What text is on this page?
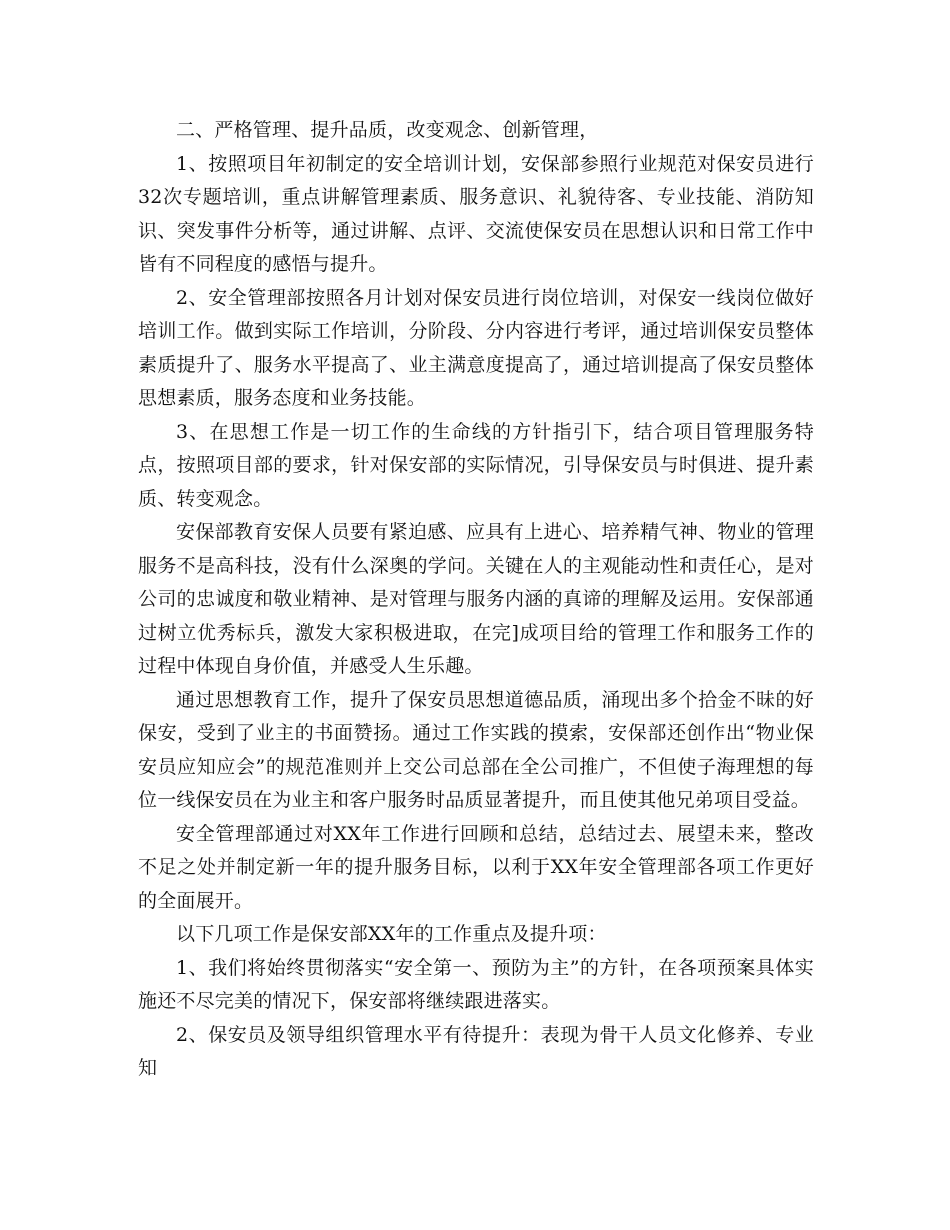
二、严格管理、提升品质，改变观念、创新管理，

1、按照项目年初制定的安全培训计划，安保部参照行业规范对保安员进行32次专题培训，重点讲解管理素质、服务意识、礼貌待客、专业技能、消防知识、突发事件分析等，通过讲解、点评、交流使保安员在思想认识和日常工作中皆有不同程度的感悟与提升。

2、安全管理部按照各月计划对保安员进行岗位培训，对保安一线岗位做好培训工作。做到实际工作培训，分阶段、分内容进行考评，通过培训保安员整体素质提升了、服务水平提高了、业主满意度提高了，通过培训提高了保安员整体思想素质，服务态度和业务技能。

3、在思想工作是一切工作的生命线的方针指引下，结合项目管理服务特点，按照项目部的要求，针对保安部的实际情况，引导保安员与时俱进、提升素质、转变观念。

安保部教育安保人员要有紧迫感、应具有上进心、培养精气神、物业的管理服务不是高科技，没有什么深奥的学问。关键在人的主观能动性和责任心，是对公司的忠诚度和敬业精神、是对管理与服务内涵的真谛的理解及运用。安保部通过树立优秀标兵，激发大家积极进取，在完]成项目给的管理工作和服务工作的过程中体现自身价值，并感受人生乐趣。

通过思想教育工作，提升了保安员思想道德品质，涌现出多个拾金不昧的好保安，受到了业主的书面赞扬。通过工作实践的摸索，安保部还创作出“物业保安员应知应会”的规范准则并上交公司总部在全公司推广，不但使子海理想的每位一线保安员在为业主和客户服务时品质显著提升，而且使其他兄弟项目受益。

安全管理部通过对XX年工作进行回顾和总结，总结过去、展望未来，整改不足之处并制定新一年的提升服务目标，以利于XX年安全管理部各项工作更好的全面展开。

以下几项工作是保安部XX年的工作重点及提升项：

1、我们将始终贯彻落实“安全第一、预防为主”的方针，在各项预案具体实施还不尽完美的情况下，保安部将继续跟进落实。

2、保安员及领导组织管理水平有待提升：表现为骨干人员文化修养、专业知
